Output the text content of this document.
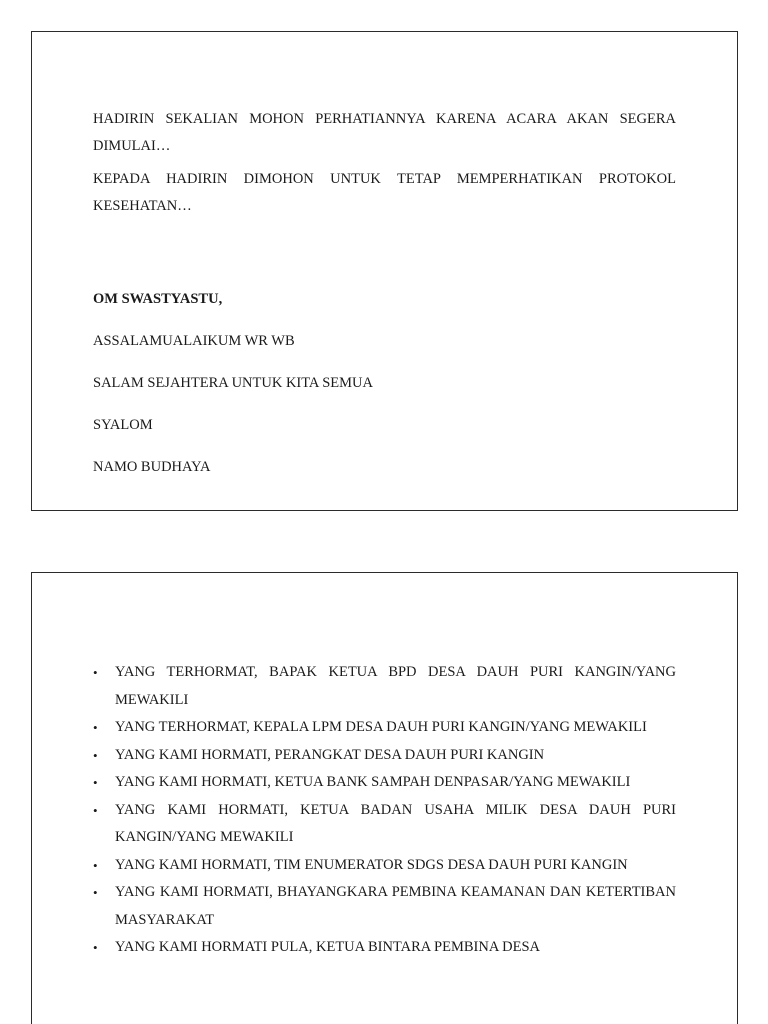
HADIRIN SEKALIAN MOHON PERHATIANNYA KARENA ACARA AKAN SEGERA DIMULAI…

KEPADA HADIRIN DIMOHON UNTUK TETAP MEMPERHATIKAN PROTOKOL KESEHATAN…

OM SWASTYASTU,

ASSALAMUALAIKUM WR WB

SALAM SEJAHTERA UNTUK KITA SEMUA

SYALOM

NAMO BUDHAYA

•	YANG TERHORMAT, BAPAK KETUA BPD DESA DAUH PURI KANGIN/YANG MEWAKILI
•	YANG TERHORMAT, KEPALA LPM DESA DAUH PURI KANGIN/YANG MEWAKILI
•	YANG KAMI HORMATI, PERANGKAT DESA DAUH PURI KANGIN
•	YANG KAMI HORMATI, KETUA BANK SAMPAH DENPASAR/YANG MEWAKILI
•	YANG KAMI HORMATI, KETUA BADAN USAHA MILIK DESA DAUH PURI KANGIN/YANG MEWAKILI
•	YANG KAMI HORMATI, TIM ENUMERATOR SDGS DESA DAUH PURI KANGIN
•	YANG KAMI HORMATI, BHAYANGKARA PEMBINA KEAMANAN DAN KETERTIBAN MASYARAKAT
•	YANG KAMI HORMATI PULA, KETUA BINTARA PEMBINA DESA
